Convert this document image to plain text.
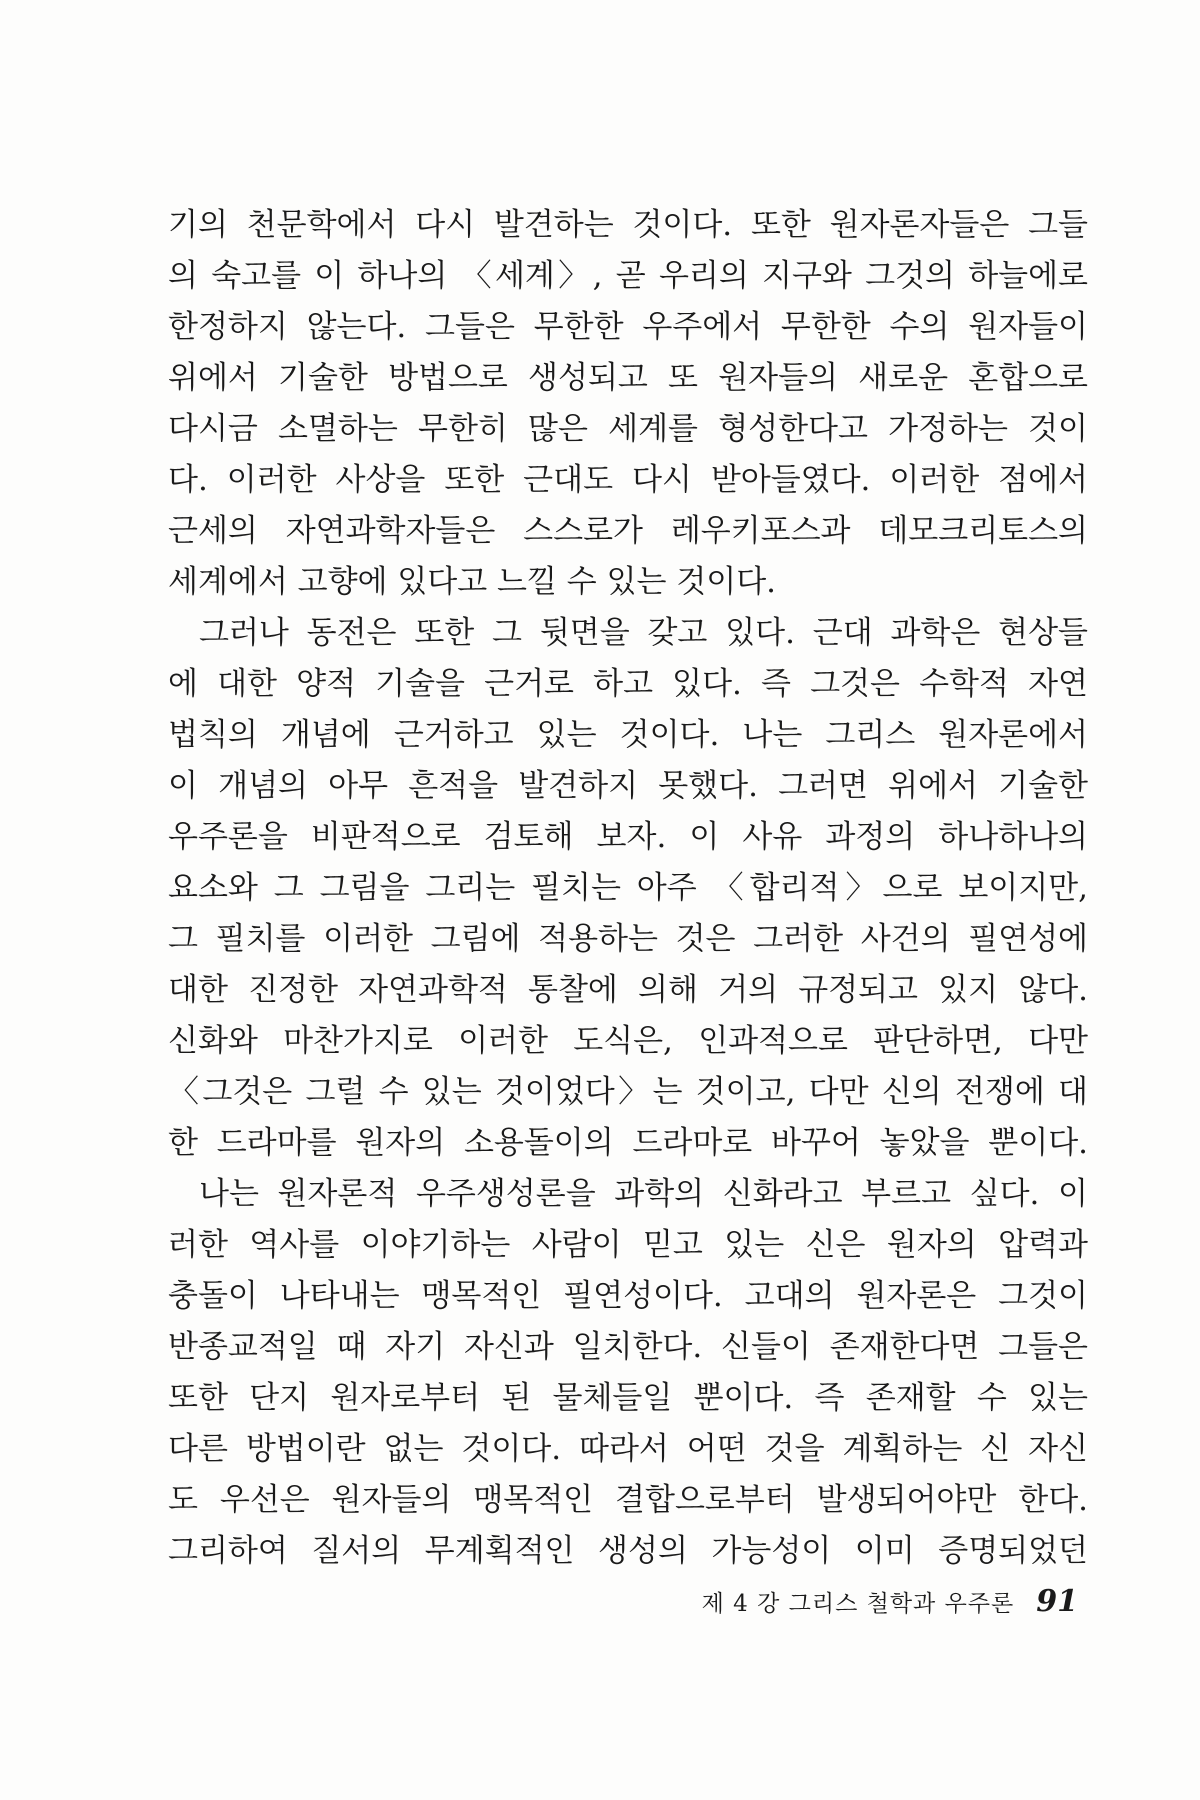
기의 천문학에서 다시 발견하는 것이다. 또한 원자론자들은 그들
의 숙고를 이 하나의 〈세계〉, 곧 우리의 지구와 그것의 하늘에로
한정하지 않는다. 그들은 무한한 우주에서 무한한 수의 원자들이
위에서 기술한 방법으로 생성되고 또 원자들의 새로운 혼합으로
다시금 소멸하는 무한히 많은 세계를 형성한다고 가정하는 것이
다. 이러한 사상을 또한 근대도 다시 받아들였다. 이러한 점에서
근세의 자연과학자들은 스스로가 레우키포스과 데모크리토스의
세계에서 고향에 있다고 느낄 수 있는 것이다.
그러나 동전은 또한 그 뒷면을 갖고 있다. 근대 과학은 현상들
에 대한 양적 기술을 근거로 하고 있다. 즉 그것은 수학적 자연
법칙의 개념에 근거하고 있는 것이다. 나는 그리스 원자론에서
이 개념의 아무 흔적을 발견하지 못했다. 그러면 위에서 기술한
우주론을 비판적으로 검토해 보자. 이 사유 과정의 하나하나의
요소와 그 그림을 그리는 필치는 아주 〈합리적〉으로 보이지만,
그 필치를 이러한 그림에 적용하는 것은 그러한 사건의 필연성에
대한 진정한 자연과학적 통찰에 의해 거의 규정되고 있지 않다.
신화와 마찬가지로 이러한 도식은, 인과적으로 판단하면, 다만
〈그것은 그럴 수 있는 것이었다〉는 것이고, 다만 신의 전쟁에 대
한 드라마를 원자의 소용돌이의 드라마로 바꾸어 놓았을 뿐이다.
나는 원자론적 우주생성론을 과학의 신화라고 부르고 싶다. 이
러한 역사를 이야기하는 사람이 믿고 있는 신은 원자의 압력과
충돌이 나타내는 맹목적인 필연성이다. 고대의 원자론은 그것이
반종교적일 때 자기 자신과 일치한다. 신들이 존재한다면 그들은
또한 단지 원자로부터 된 물체들일 뿐이다. 즉 존재할 수 있는
다른 방법이란 없는 것이다. 따라서 어떤 것을 계획하는 신 자신
도 우선은 원자들의 맹목적인 결합으로부터 발생되어야만 한다.
그리하여 질서의 무계획적인 생성의 가능성이 이미 증명되었던
제 4 강 그리스 철학과 우주론 91
